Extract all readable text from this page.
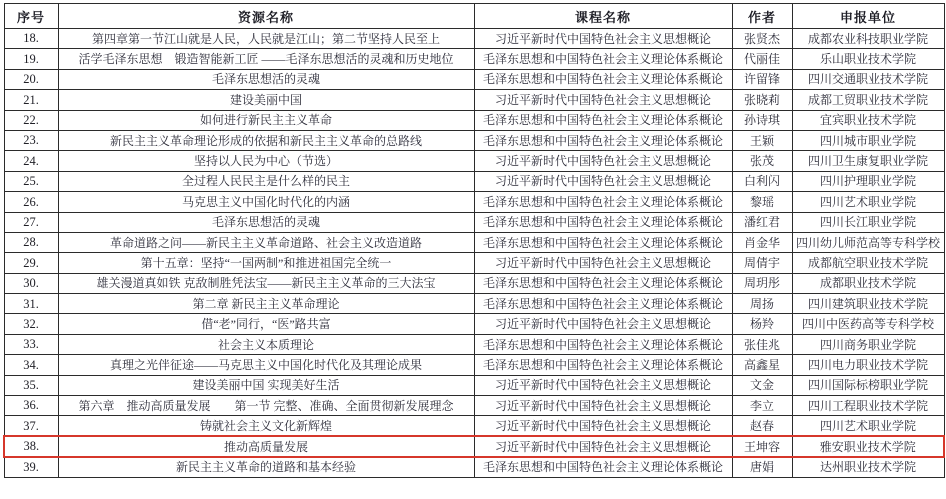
序号	资源名称	课程名称	作者	申报单位
18.	第四章第一节江山就是人民，人民就是江山；第二节坚持人民至上	习近平新时代中国特色社会主义思想概论	张贤杰	成都农业科技职业学院
19.	活学毛泽东思想　锻造智能新工匠 ——毛泽东思想活的灵魂和历史地位	毛泽东思想和中国特色社会主义理论体系概论	代丽佳	乐山职业技术学院
20.	毛泽东思想活的灵魂	毛泽东思想和中国特色社会主义理论体系概论	许留锋	四川交通职业技术学院
21.	建设美丽中国	习近平新时代中国特色社会主义思想概论	张晓莉	成都工贸职业技术学院
22.	如何进行新民主主义革命	毛泽东思想和中国特色社会主义理论体系概论	孙诗琪	宜宾职业技术学院
23.	新民主主义革命理论形成的依据和新民主主义革命的总路线	毛泽东思想和中国特色社会主义理论体系概论	王颖	四川城市职业学院
24.	坚持以人民为中心（节选）	习近平新时代中国特色社会主义思想概论	张茂	四川卫生康复职业学院
25.	全过程人民民主是什么样的民主	习近平新时代中国特色社会主义思想概论	白利闪	四川护理职业学院
26.	马克思主义中国化时代化的内涵	毛泽东思想和中国特色社会主义理论体系概论	黎瑶	四川艺术职业学院
27.	毛泽东思想活的灵魂	毛泽东思想和中国特色社会主义理论体系概论	潘红君	四川长江职业学院
28.	革命道路之问——新民主主义革命道路、社会主义改造道路	毛泽东思想和中国特色社会主义理论体系概论	肖金华	四川幼儿师范高等专科学校
29.	第十五章：坚持“一国两制”和推进祖国完全统一	习近平新时代中国特色社会主义思想概论	周倩宇	成都航空职业技术学院
30.	雄关漫道真如铁 克敌制胜凭法宝——新民主主义革命的三大法宝	毛泽东思想和中国特色社会主义理论体系概论	周玥彤	成都职业技术学院
31.	第二章 新民主主义革命理论	毛泽东思想和中国特色社会主义理论体系概论	周扬	四川建筑职业技术学院
32.	借“老”同行，“医”路共富	习近平新时代中国特色社会主义思想概论	杨羚	四川中医药高等专科学校
33.	社会主义本质理论	毛泽东思想和中国特色社会主义理论体系概论	张佳兆	四川商务职业学院
34.	真理之光伴征途——马克思主义中国化时代化及其理论成果	毛泽东思想和中国特色社会主义理论体系概论	高鑫星	四川电力职业技术学院
35.	建设美丽中国 实现美好生活	习近平新时代中国特色社会主义思想概论	文金	四川国际标榜职业学院
36.	第六章　推动高质量发展　　第一节 完整、准确、全面贯彻新发展理念	习近平新时代中国特色社会主义思想概论	李立	四川工程职业技术学院
37.	铸就社会主义文化新辉煌	习近平新时代中国特色社会主义思想概论	赵春	四川艺术职业学院
38.	推动高质量发展	习近平新时代中国特色社会主义思想概论	王坤容	雅安职业技术学院
39.	新民主主义革命的道路和基本经验	毛泽东思想和中国特色社会主义理论体系概论	唐娟	达州职业技术学院
